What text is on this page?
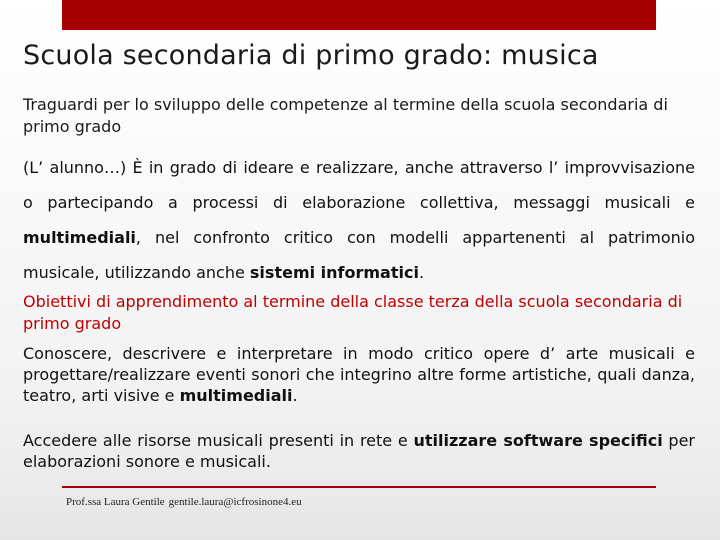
Scuola secondaria di primo grado: musica
Traguardi per lo sviluppo delle competenze al termine della scuola secondaria di primo grado
(L’ alunno…) È in grado di ideare e realizzare, anche attraverso l’ improvvisazione o partecipando a processi di elaborazione collettiva, messaggi musicali e multimediali, nel confronto critico con modelli appartenenti al patrimonio musicale, utilizzando anche sistemi informatici.
Obiettivi di apprendimento al termine della classe terza della scuola secondaria di primo grado
Conoscere, descrivere e interpretare in modo critico opere d’ arte musicali e progettare/realizzare eventi sonori che integrino altre forme artistiche, quali danza, teatro, arti visive e multimediali.
Accedere alle risorse musicali presenti in rete e utilizzare software specifici per elaborazioni sonore e musicali.
Prof.ssa Laura Gentile gentile.laura@icfrosinone4.eu
